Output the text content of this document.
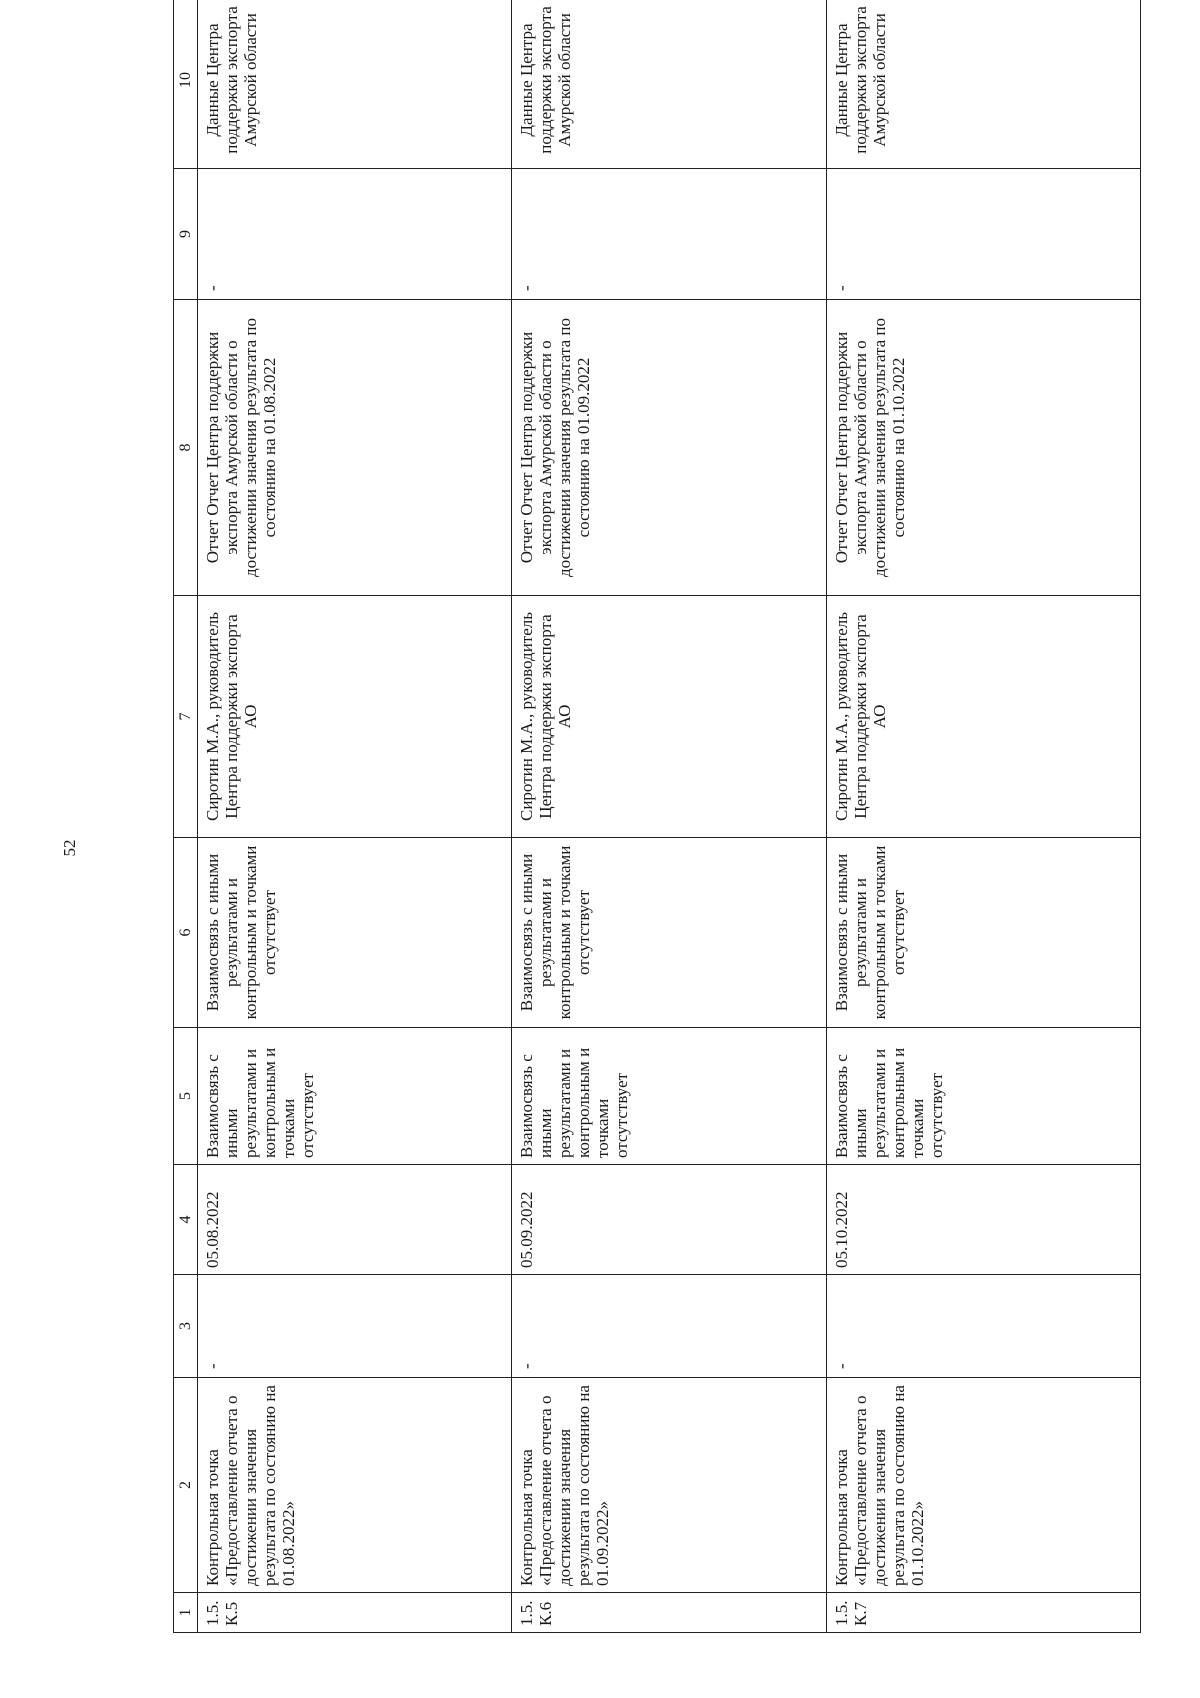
52
1	2	3	4	5	6	7	8	9	10
1.5. К.5	Контрольная точка «Предоставление отчета о достижении значения результата по состоянию на 01.08.2022»	-	05.08.2022	Взаимосвязь с иными результатами и контрольным и точками отсутствует	Взаимосвязь с иными результатами и контрольным и точками отсутствует	Сиротин М.А., руководитель Центра поддержки экспорта АО	Отчет Отчет Центра поддержки экспорта Амурской области о достижении значения результата по состоянию на 01.08.2022	-	Данные Центра поддержки экспорта Амурской области
1.5. К.6	Контрольная точка «Предоставление отчета о достижении значения результата по состоянию на 01.09.2022»	-	05.09.2022	Взаимосвязь с иными результатами и контрольным и точками отсутствует	Взаимосвязь с иными результатами и контрольным и точками отсутствует	Сиротин М.А., руководитель Центра поддержки экспорта АО	Отчет Отчет Центра поддержки экспорта Амурской области о достижении значения результата по состоянию на 01.09.2022	-	Данные Центра поддержки экспорта Амурской области
1.5. К.7	Контрольная точка «Предоставление отчета о достижении значения результата по состоянию на 01.10.2022»	-	05.10.2022	Взаимосвязь с иными результатами и контрольным и точками отсутствует	Взаимосвязь с иными результатами и контрольным и точками отсутствует	Сиротин М.А., руководитель Центра поддержки экспорта АО	Отчет Отчет Центра поддержки экспорта Амурской области о достижении значения результата по состоянию на 01.10.2022	-	Данные Центра поддержки экспорта Амурской области
